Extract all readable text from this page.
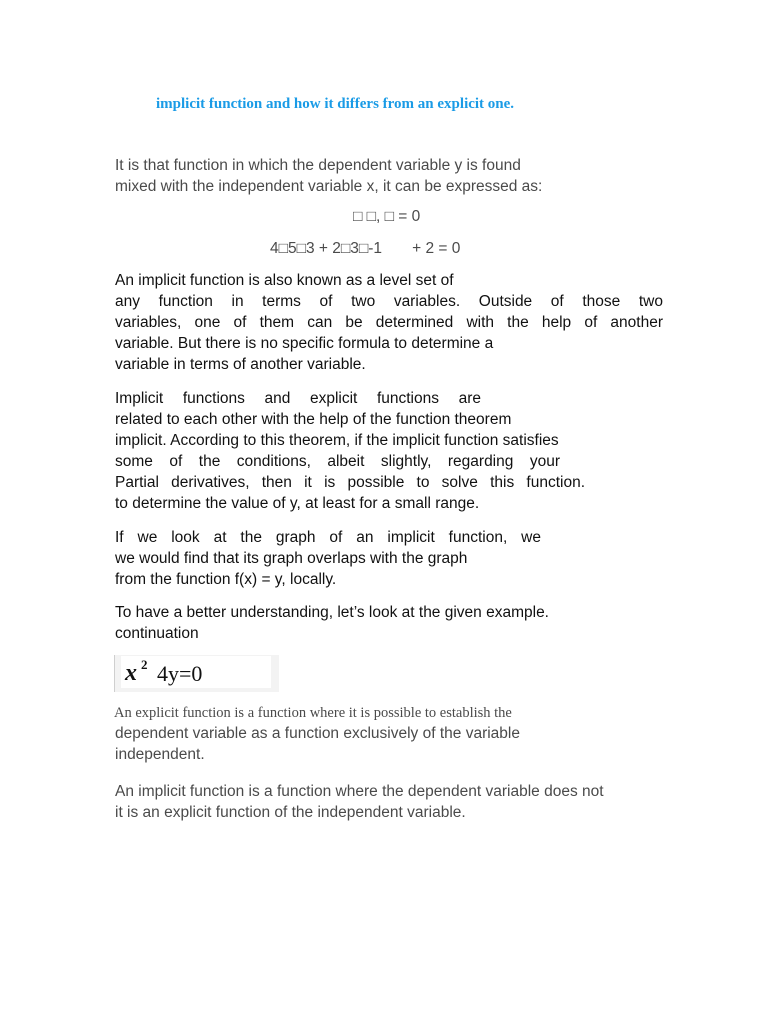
implicit function and how it differs from an explicit one.
It is that function in which the dependent variable y is found
mixed with the independent variable x, it can be expressed as:
□ □, □ = 0
4□5□3 + 2□3□-1       + 2 = 0
An implicit function is also known as a level set of
any function in terms of two variables. Outside of those two
variables, one of them can be determined with the help of another
variable. But there is no specific formula to determine a
variable in terms of another variable.
Implicit functions and explicit functions are
related to each other with the help of the function theorem
implicit. According to this theorem, if the implicit function satisfies
some of the conditions, albeit slightly, regarding your
Partial derivatives, then it is possible to solve this function.
to determine the value of y, at least for a small range.
If we look at the graph of an implicit function, we
we would find that its graph overlaps with the graph
from the function f(x) = y, locally.
To have a better understanding, let’s look at the given example.
continuation
x 2 4y=0
An explicit function is a function where it is possible to establish the
dependent variable as a function exclusively of the variable
independent.
An implicit function is a function where the dependent variable does not
it is an explicit function of the independent variable.
